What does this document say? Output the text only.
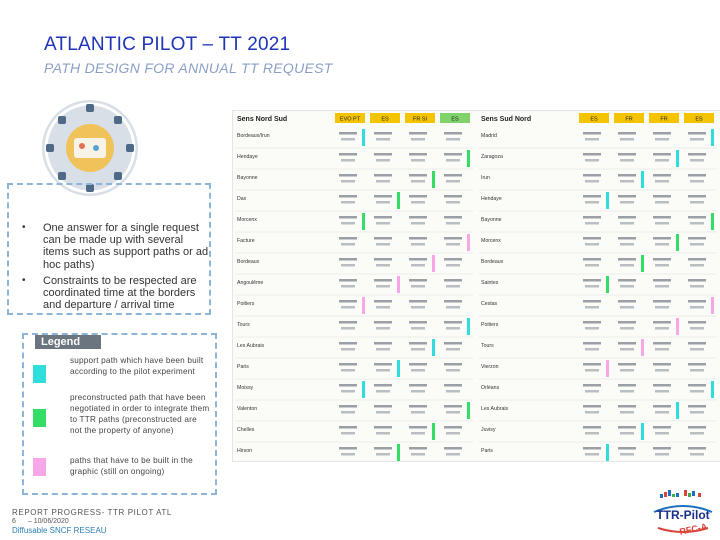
ATLANTIC PILOT – TT 2021
PATH DESIGN FOR ANNUAL TT REQUEST
• One answer for a single request can be made up with several items such as support paths or ad hoc paths)
• Constraints to be respected are coordinated time at the borders and departure / arrival time
Legend
support path which have been built according to the pilot experiment
preconstructed path that have been negotiated in order to integrate them to TTR paths (preconstructed are not the property of anyone)
paths that have to be built in the graphic (still on ongoing)
REPORT PROGRESS- TTR PILOT ATL
6 – 10/06/2020
Diffusable SNCF RESEAU
TTR-Pilot
RFC-A
Sens Nord Sud	EVO PT	ES	FR SI	ES
Bordeaux/Irun
Hendaye
Bayonne
Dax
Morcenx
Facture
Bordeaux
Angoulême
Poitiers
Tours
Les Aubrais
Paris
Moissy
Valenton
Chelles
Hirson
Sens Sud Nord	ES	FR	FR	ES
Madrid
Zaragoza
Irun
Hendaye
Bayonne
Morcenx
Bordeaux
Saintes
Cestas
Poitiers
Tours
Vierzon
Orléans
Les Aubrais
Juvisy
Paris
